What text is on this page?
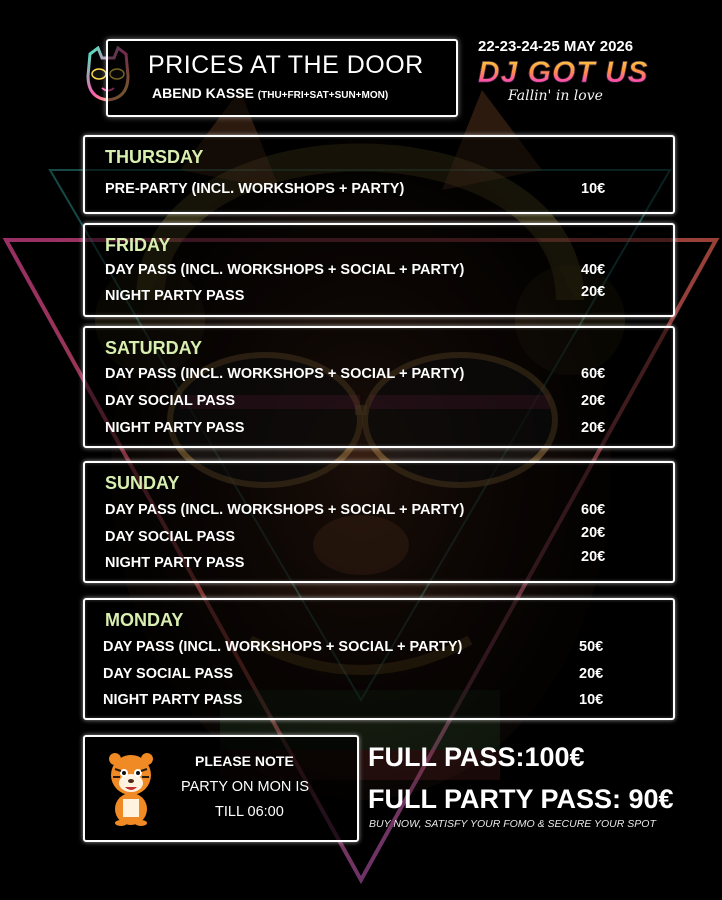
PRICES AT THE DOOR
ABEND KASSE (THU+FRI+SAT+SUN+MON)
22-23-24-25 MAY 2026
DJ GOT US
Fallin' in love
THURSDAY
PRE-PARTY (INCL. WORKSHOPS + PARTY)	10€
FRIDAY
DAY PASS (INCL. WORKSHOPS + SOCIAL + PARTY)	40€
NIGHT PARTY PASS	20€
SATURDAY
DAY PASS (INCL. WORKSHOPS + SOCIAL + PARTY)	60€
DAY SOCIAL PASS	20€
NIGHT PARTY PASS	20€
SUNDAY
DAY PASS (INCL. WORKSHOPS + SOCIAL + PARTY)	60€
DAY SOCIAL PASS	20€
NIGHT PARTY PASS	20€
MONDAY
DAY PASS (INCL. WORKSHOPS + SOCIAL + PARTY)	50€
DAY SOCIAL PASS	20€
NIGHT PARTY PASS	10€
PLEASE NOTE
PARTY ON MON IS
TILL 06:00
FULL PASS:100€
FULL PARTY PASS: 90€
BUY NOW, SATISFY YOUR FOMO & SECURE YOUR SPOT
